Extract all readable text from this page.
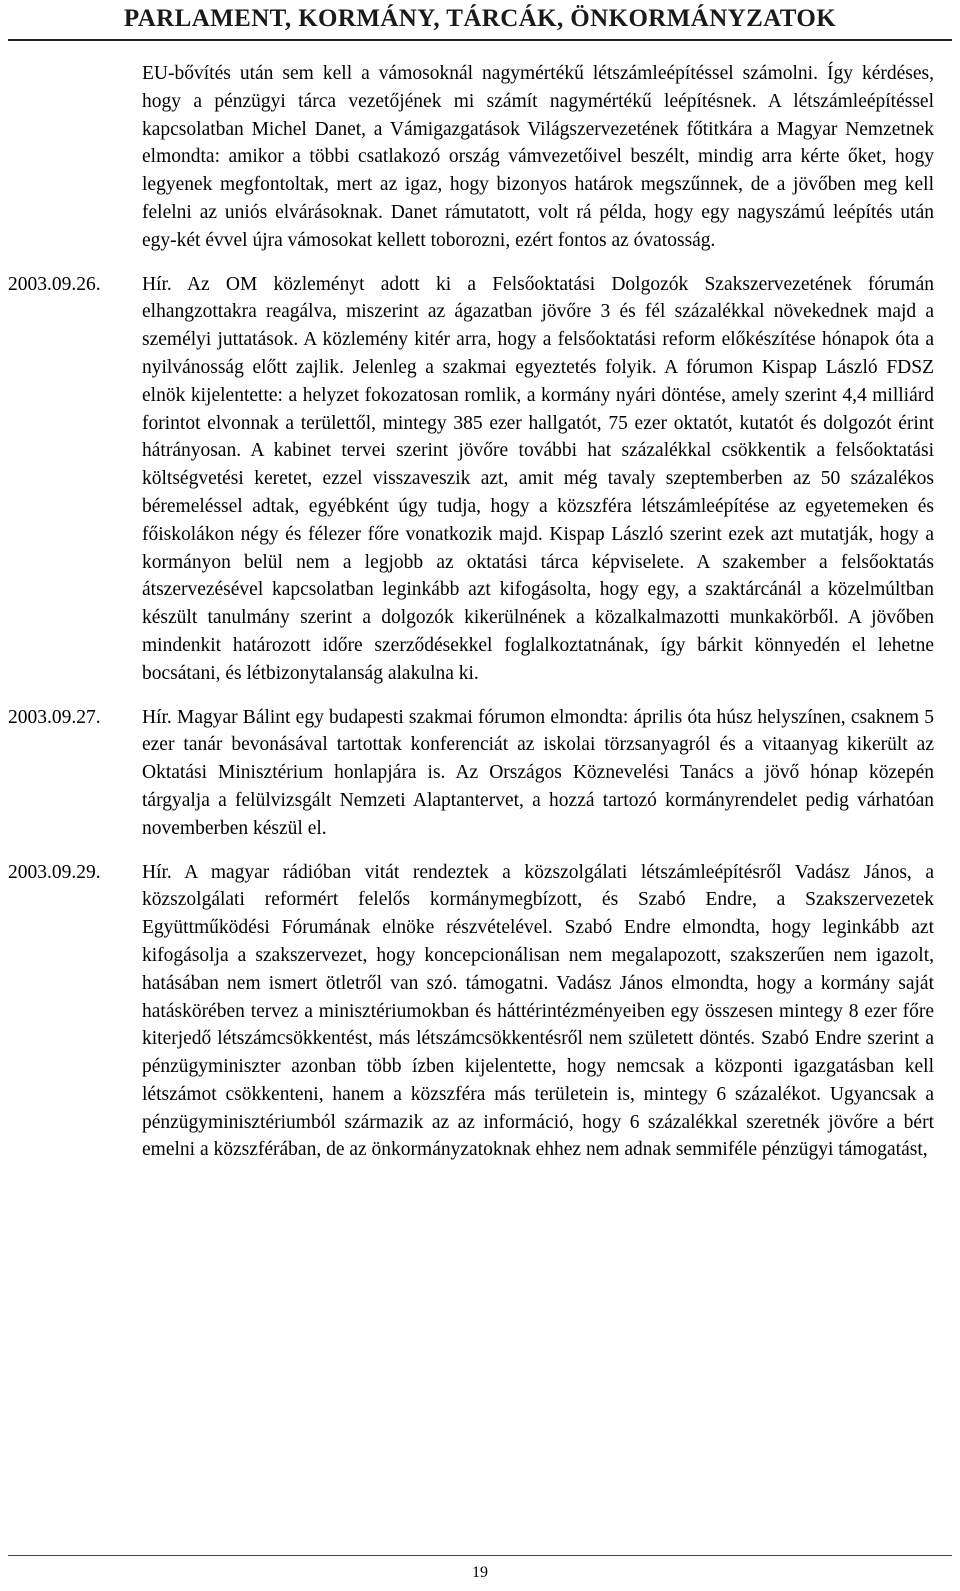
PARLAMENT, KORMÁNY, TÁRCÁK, ÖNKORMÁNYZATOK

EU-bővítés után sem kell a vámosoknál nagymértékű létszámleépítéssel számolni. Így kérdéses, hogy a pénzügyi tárca vezetőjének mi számít nagymértékű leépítésnek. A létszámleépítéssel kapcsolatban Michel Danet, a Vámigazgatások Világszervezetének főtitkára a Magyar Nemzetnek elmondta: amikor a többi csatlakozó ország vámvezetőivel beszélt, mindig arra kérte őket, hogy legyenek megfontoltak, mert az igaz, hogy bizonyos határok megszűnnek, de a jövőben meg kell felelni az uniós elvárásoknak. Danet rámutatott, volt rá példa, hogy egy nagyszámú leépítés után egy-két évvel újra vámosokat kellett toborozni, ezért fontos az óvatosság.

2003.09.26.	Hír. Az OM közleményt adott ki a Felsőoktatási Dolgozók Szakszervezetének fórumán elhangzottakra reagálva, miszerint az ágazatban jövőre 3 és fél százalékkal növekednek majd a személyi juttatások. A közlemény kitér arra, hogy a felsőoktatási reform előkészítése hónapok óta a nyilvánosság előtt zajlik. Jelenleg a szakmai egyeztetés folyik. A fórumon Kispap László FDSZ elnök kijelentette: a helyzet fokozatosan romlik, a kormány nyári döntése, amely szerint 4,4 milliárd forintot elvonnak a területtől, mintegy 385 ezer hallgatót, 75 ezer oktatót, kutatót és dolgozót érint hátrányosan. A kabinet tervei szerint jövőre további hat százalékkal csökkentik a felsőoktatási költségvetési keretet, ezzel visszaveszik azt, amit még tavaly szeptemberben az 50 százalékos béremeléssel adtak, egyébként úgy tudja, hogy a közszféra létszámleépítése az egyetemeken és főiskolákon négy és félezer főre vonatkozik majd. Kispap László szerint ezek azt mutatják, hogy a kormányon belül nem a legjobb az oktatási tárca képviselete. A szakember a felsőoktatás átszervezésével kapcsolatban leginkább azt kifogásolta, hogy egy, a szaktárcánál a közelmúltban készült tanulmány szerint a dolgozók kikerülnének a közalkalmazotti munkakörből. A jövőben mindenkit határozott időre szerződésekkel foglalkoztatnának, így bárkit könnyedén el lehetne bocsátani, és létbizonytalanság alakulna ki.

2003.09.27.	Hír. Magyar Bálint egy budapesti szakmai fórumon elmondta: április óta húsz helyszínen, csaknem 5 ezer tanár bevonásával tartottak konferenciát az iskolai törzsanyagról és a vitaanyag kikerült az Oktatási Minisztérium honlapjára is. Az Országos Köznevelési Tanács a jövő hónap közepén tárgyalja a felülvizsgált Nemzeti Alaptantervet, a hozzá tartozó kormányrendelet pedig várhatóan novemberben készül el.

2003.09.29.	Hír. A magyar rádióban vitát rendeztek a közszolgálati létszámleépítésről Vadász János, a közszolgálati reformért felelős kormánymegbízott, és Szabó Endre, a Szakszervezetek Együttműködési Fórumának elnöke részvételével. Szabó Endre elmondta, hogy leginkább azt kifogásolja a szakszervezet, hogy koncepcionálisan nem megalapozott, szakszerűen nem igazolt, hatásában nem ismert ötletről van szó. támogatni. Vadász János elmondta, hogy a kormány saját hatáskörében tervez a minisztériumokban és háttérintézményeiben egy összesen mintegy 8 ezer főre kiterjedő létszámcsökkentést, más létszámcsökkentésről nem született döntés. Szabó Endre szerint a pénzügyminiszter azonban több ízben kijelentette, hogy nemcsak a központi igazgatásban kell létszámot csökkenteni, hanem a közszféra más területein is, mintegy 6 százalékot. Ugyancsak a pénzügyminisztériumból származik az az információ, hogy 6 százalékkal szeretnék jövőre a bért emelni a közszférában, de az önkormányzatoknak ehhez nem adnak semmiféle pénzügyi támogatást,

19
